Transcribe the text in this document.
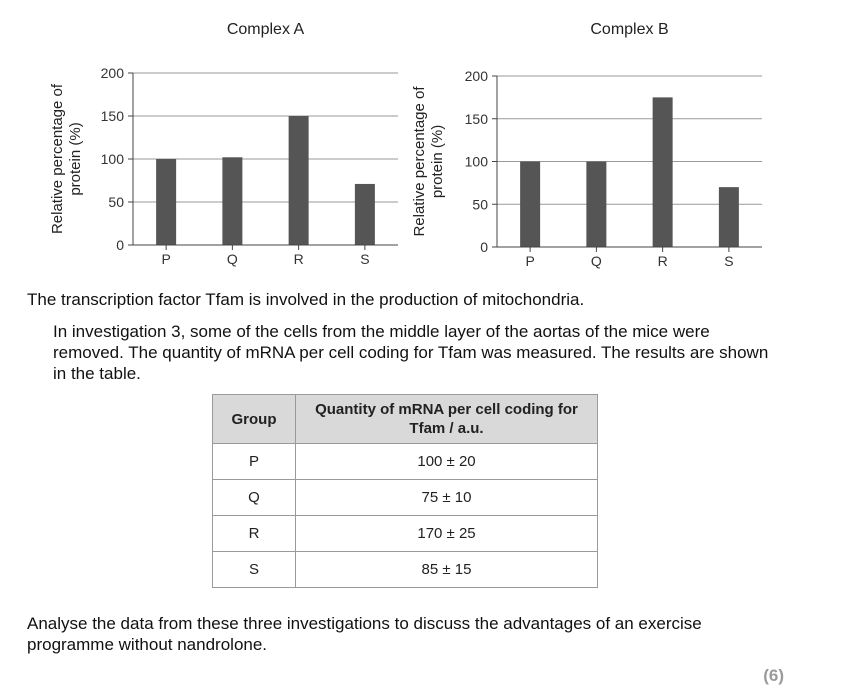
0
50
100
150
200
P	Q	R	S
Complex A
Relative percentage ofprotein (%)
0
50
100
150
200
P	Q	R	S
Complex B
Relative percentage ofprotein (%)

The transcription factor Tfam is involved in the production of mitochondria.

In investigation 3, some of the cells from the middle layer of the aortas of the mice were removed. The quantity of mRNA per cell coding for Tfam was measured. The results are shown in the table.

Group	Quantity of mRNA per cell coding for Tfam / a.u.
P	100 ± 20
Q	75 ± 10
R	170 ± 25
S	85 ± 15

Analyse the data from these three investigations to discuss the advantages of an exercise programme without nandrolone.

(6)
